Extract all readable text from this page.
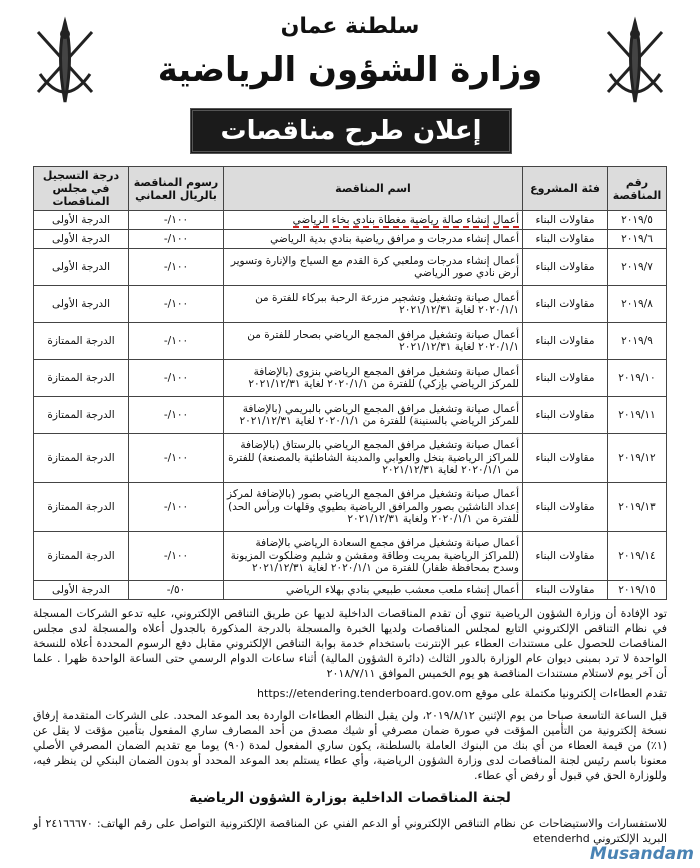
سلطنة عمان
وزارة الشؤون الرياضية
إعلان طرح مناقصات
رقم المناقصة	فئة المشروع	اسم المناقصة	رسوم المناقصة بالريال العماني	درجة التسجيل في مجلس المناقصات
٢٠١٩/٥	مقاولات البناء	أعمال إنشاء صالة رياضية مغطاة بنادي بخاء الرياضي	١٠٠/-	الدرجة الأولى
٢٠١٩/٦	مقاولات البناء	أعمال إنشاء مدرجات و مرافق رياضية بنادي بدية الرياضي	١٠٠/-	الدرجة الأولى
٢٠١٩/٧	مقاولات البناء	أعمال إنشاء مدرجات وملعبي كرة القدم مع السياج والإنارة وتسوير أرض نادي صور الرياضي	١٠٠/-	الدرجة الأولى
٢٠١٩/٨	مقاولات البناء	أعمال صيانة وتشغيل وتشجير مزرعة الرحبة ببركاء للفترة من ٢٠٢٠/١/١ لغاية ٢٠٢١/١٢/٣١	١٠٠/-	الدرجة الأولى
٢٠١٩/٩	مقاولات البناء	أعمال صيانة وتشغيل مرافق المجمع الرياضي بصحار للفترة من ٢٠٢٠/١/١ لغاية ٢٠٢١/١٢/٣١	١٠٠/-	الدرجة الممتازة
٢٠١٩/١٠	مقاولات البناء	أعمال صيانة وتشغيل مرافق المجمع الرياضي بنزوى (بالإضافة للمركز الرياضي بإزكي) للفترة من ٢٠٢٠/١/١ لغاية ٢٠٢١/١٢/٣١	١٠٠/-	الدرجة الممتازة
٢٠١٩/١١	مقاولات البناء	أعمال صيانة وتشغيل مرافق المجمع الرياضي بالبريمي (بالإضافة للمركز الرياضي بالسنينة) للفترة من ٢٠٢٠/١/١ لغاية ٢٠٢١/١٢/٣١	١٠٠/-	الدرجة الممتازة
٢٠١٩/١٢	مقاولات البناء	أعمال صيانة وتشغيل مرافق المجمع الرياضي بالرستاق (بالإضافة للمراكز الرياضية بنخل والعوابي والمدينة الشاطئية بالمصنعة) للفترة من ٢٠٢٠/١/١ لغاية ٢٠٢١/١٢/٣١	١٠٠/-	الدرجة الممتازة
٢٠١٩/١٣	مقاولات البناء	أعمال صيانة وتشغيل مرافق المجمع الرياضي بصور (بالإضافة لمركز إعداد الناشئين بصور والمرافق الرياضية بطيوي وقلهات ورأس الحد) للفترة من ٢٠٢٠/١/١ ولغاية ٢٠٢١/١٢/٣١	١٠٠/-	الدرجة الممتازة
٢٠١٩/١٤	مقاولات البناء	أعمال صيانة وتشغيل مرافق مجمع السعادة الرياضي بالإضافة (للمراكز الرياضية بمريت وطاقة ومقشن و شليم وضلكوت المزيونة وسدح بمحافظة ظفار) للفترة من ٢٠٢٠/١/١ لغاية ٢٠٢١/١٢/٣١	١٠٠/-	الدرجة الممتازة
٢٠١٩/١٥	مقاولات البناء	أعمال إنشاء ملعب معشب طبيعي بنادي بهلاء الرياضي	٥٠/-	الدرجة الأولى
تود الإفادة أن وزارة الشؤون الرياضية تنوي أن تقدم المناقصات الداخلية لديها عن طريق التناقص الإلكتروني، عليه تدعو الشركات المسجلة في نظام التناقص الإلكتروني التابع لمجلس المناقصات ولديها الخبرة والمسجلة بالدرجة المذكورة بالجدول أعلاه والمسجلة لدى مجلس المناقصات للحصول على مستندات العطاء عبر الإنترنت باستخدام خدمة بوابة التناقص الإلكتروني مقابل دفع الرسوم المحددة أعلاه للنسخة الواحدة لا ترد بمبنى ديوان عام الوزارة بالدور الثالث (دائرة الشؤون المالية) أثناء ساعات الدوام الرسمي حتى الساعة الواحدة ظهرا . علما أن آخر يوم لاستلام مستندات المناقصة هو يوم الخميس الموافق ٢٠١٨/٧/١١
تقدم العطاءات إلكترونيا مكتملة على موقع https://etendering.tenderboard.gov.om
قبل الساعة التاسعة صباحا من يوم الإثنين ٢٠١٩/٨/١٢، ولن يقبل النظام العطاءات الواردة بعد الموعد المحدد. على الشركات المتقدمة إرفاق نسخة إلكترونية من التأمين المؤقت في صورة ضمان مصرفي أو شيك مصدق من أحد المصارف ساري المفعول بتأمين مؤقت لا يقل عن (١٪) من قيمة العطاء من أي بنك من البنوك العاملة بالسلطنة، يكون ساري المفعول لمدة (٩٠) يوما مع تقديم الضمان المصرفي الأصلي معنونا باسم رئيس لجنة المناقصات لدى وزارة الشؤون الرياضية، وأي عطاء يستلم بعد الموعد المحدد أو بدون الضمان البنكي لن ينظر فيه، وللوزارة الحق في قبول أو رفض أي عطاء.
لجنة المناقصات الداخلية بوزارة الشؤون الرياضية
للاستفسارات والاستيضاحات عن نظام التناقص الإلكتروني أو الدعم الفني عن المناقصة الإلكترونية التواصل على رقم الهاتف: ٢٤١٦٦٦٧٠ أو البريد الإلكتروني etenderhd
Musandam
